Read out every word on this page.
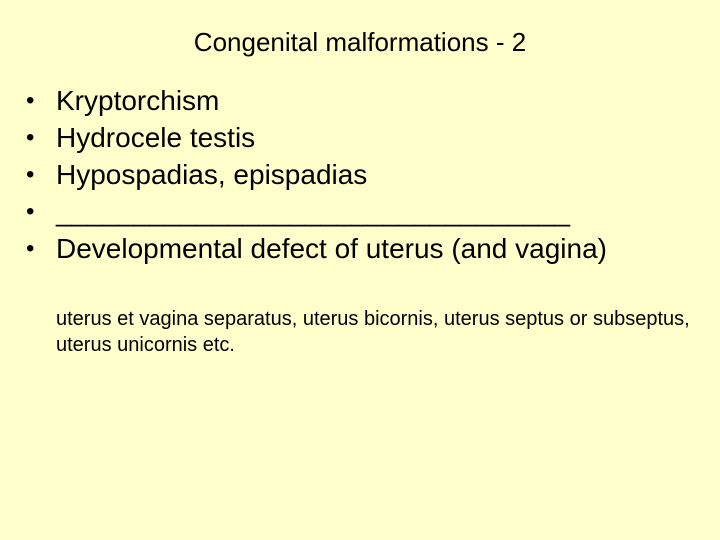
Congenital malformations - 2
• Kryptorchism
• Hydrocele testis
• Hypospadias, epispadias
• _________________________________
• Developmental defect of uterus (and vagina)
uterus et vagina separatus, uterus bicornis, uterus septus or subseptus, uterus unicornis etc.
